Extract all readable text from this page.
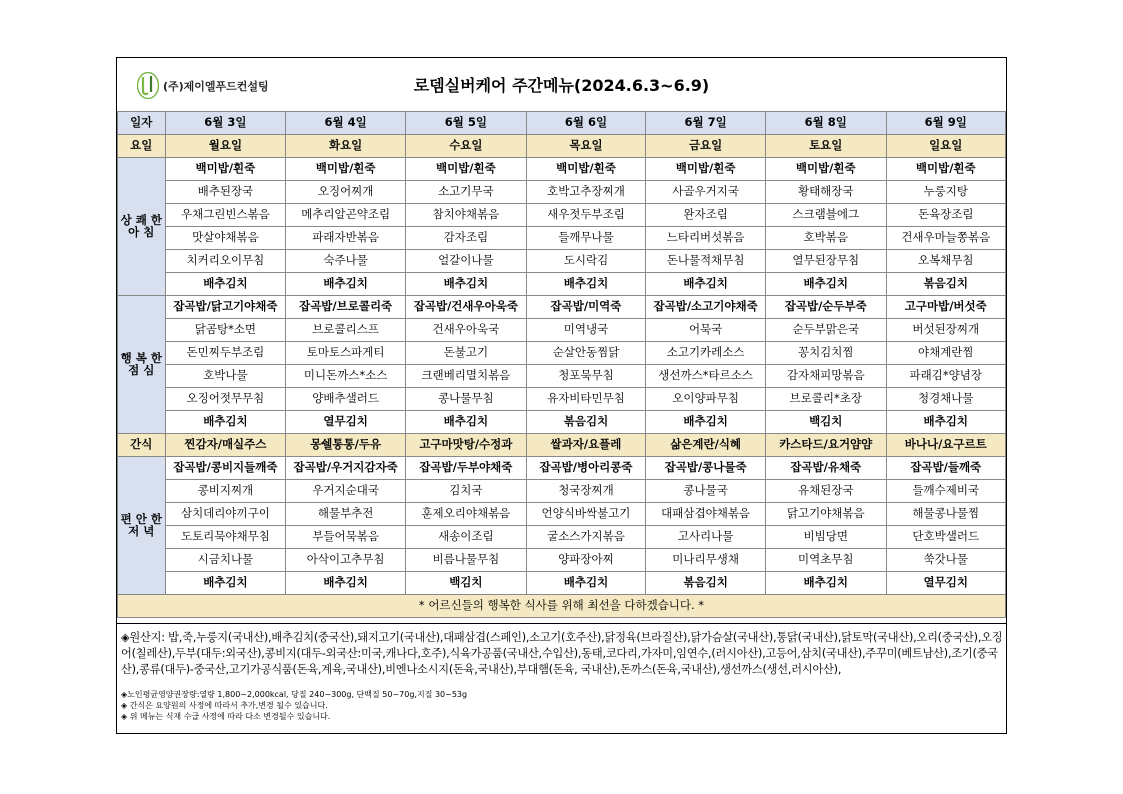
(주)제이엘푸드컨설팅	로뎀실버케어 주간메뉴(2024.6.3~6.9)
일자	6월 3일	6월 4일	6월 5일	6월 6일	6월 7일	6월 8일	6월 9일
요일	월요일	화요일	수요일	목요일	금요일	토요일	일요일
상 쾌 한 아 침	백미밥/흰죽	백미밥/흰죽	백미밥/흰죽	백미밥/흰죽	백미밥/흰죽	백미밥/흰죽	백미밥/흰죽
	배추된장국	오징어찌개	소고기무국	호박고추장찌개	사골우거지국	황태해장국	누룽지탕
	우채그린빈스볶음	메추리알곤약조림	참치야채볶음	새우젓두부조림	완자조림	스크램블에그	돈육장조림
	맛살야채볶음	파래자반볶음	감자조림	들깨무나물	느타리버섯볶음	호박볶음	건새우마늘쫑볶음
	치커리오이무침	숙주나물	얼갈이나물	도시락김	돈나물적채무침	열무된장무침	오복채무침
	배추김치	배추김치	배추김치	배추김치	배추김치	배추김치	볶음김치
행 복 한 점 심	잡곡밥/닭고기야채죽	잡곡밥/브로콜리죽	잡곡밥/건새우아욱죽	잡곡밥/미역죽	잡곡밥/소고기야채죽	잡곡밥/순두부죽	고구마밥/버섯죽
	닭곰탕*소면	브로콜리스프	건새우아욱국	미역냉국	어묵국	순두부맑은국	버섯된장찌개
	돈민찌두부조림	토마토스파게티	돈불고기	순살안동찜닭	소고기카레소스	꽁치김치찜	야채계란찜
	호박나물	미니돈까스*소스	크랜베리멸치볶음	청포묵무침	생선까스*타르소스	감자채피망볶음	파래김*양념장
	오징어젓무무침	양배추샐러드	콩나물무침	유자비타민무침	오이양파무침	브로콜리*초장	청경채나물
	배추김치	열무김치	배추김치	볶음김치	배추김치	백김치	배추김치
간식	찐감자/매실주스	몽쉘통통/두유	고구마맛탕/수정과	쌀과자/요플레	삶은계란/식혜	카스타드/요거얌얌	바나나/요구르트
편 안 한 저 녁	잡곡밥/콩비지들깨죽	잡곡밥/우거지감자죽	잡곡밥/두부야채죽	잡곡밥/병아리콩죽	잡곡밥/콩나물죽	잡곡밥/유채죽	잡곡밥/들깨죽
	콩비지찌개	우거지순대국	김치국	청국장찌개	콩나물국	유채된장국	들깨수제비국
	삼치데리야끼구이	해물부추전	훈제오리야채볶음	언양식바싹불고기	대패삼겹야채볶음	닭고기야채볶음	해물콩나물찜
	도토리묵야채무침	부들어묵볶음	새송이조림	굴소스가지볶음	고사리나물	비빔당면	단호박샐러드
	시금치나물	아삭이고추무침	비름나물무침	양파장아찌	미나리무생채	미역초무침	쑥갓나물
	배추김치	배추김치	백김치	배추김치	볶음김치	배추김치	열무김치
* 어르신들의 행복한 식사를 위해 최선을 다하겠습니다. *							
◈원산지: 밥,죽,누룽지(국내산),배추김치(중국산),돼지고기(국내산),대패삼겹(스페인),소고기(호주산),닭정육(브라질산),닭가슴살(국내산),통닭(국내산),닭토막(국내산),오리(중국산),오징어(칠레산),두부(대두:외국산),콩비지(대두-외국산:미국,캐나다,호주),식육가공품(국내산,수입산),동태,코다리,가자미,임연수,(러시아산),고등어,삼치(국내산),주꾸미(베트남산),조기(중국산),콩류(대두)-중국산,고기가공식품(돈육,계육,국내산),비엔나소시지(돈육,국내산),부대햄(돈육, 국내산),돈까스(돈육,국내산),생선까스(생선,러시아산),
◈노인평균영양권장량:열량 1,800~2,000kcal, 당질 240~300g, 단백질 50~70g,지질 30~53g
◈ 간식은 요양원의 사정에 따라서 추가,변경 될수 있습니다.
◈ 위 메뉴는 식재 수급 사정에 따라 다소 변경될수 있습니다.
